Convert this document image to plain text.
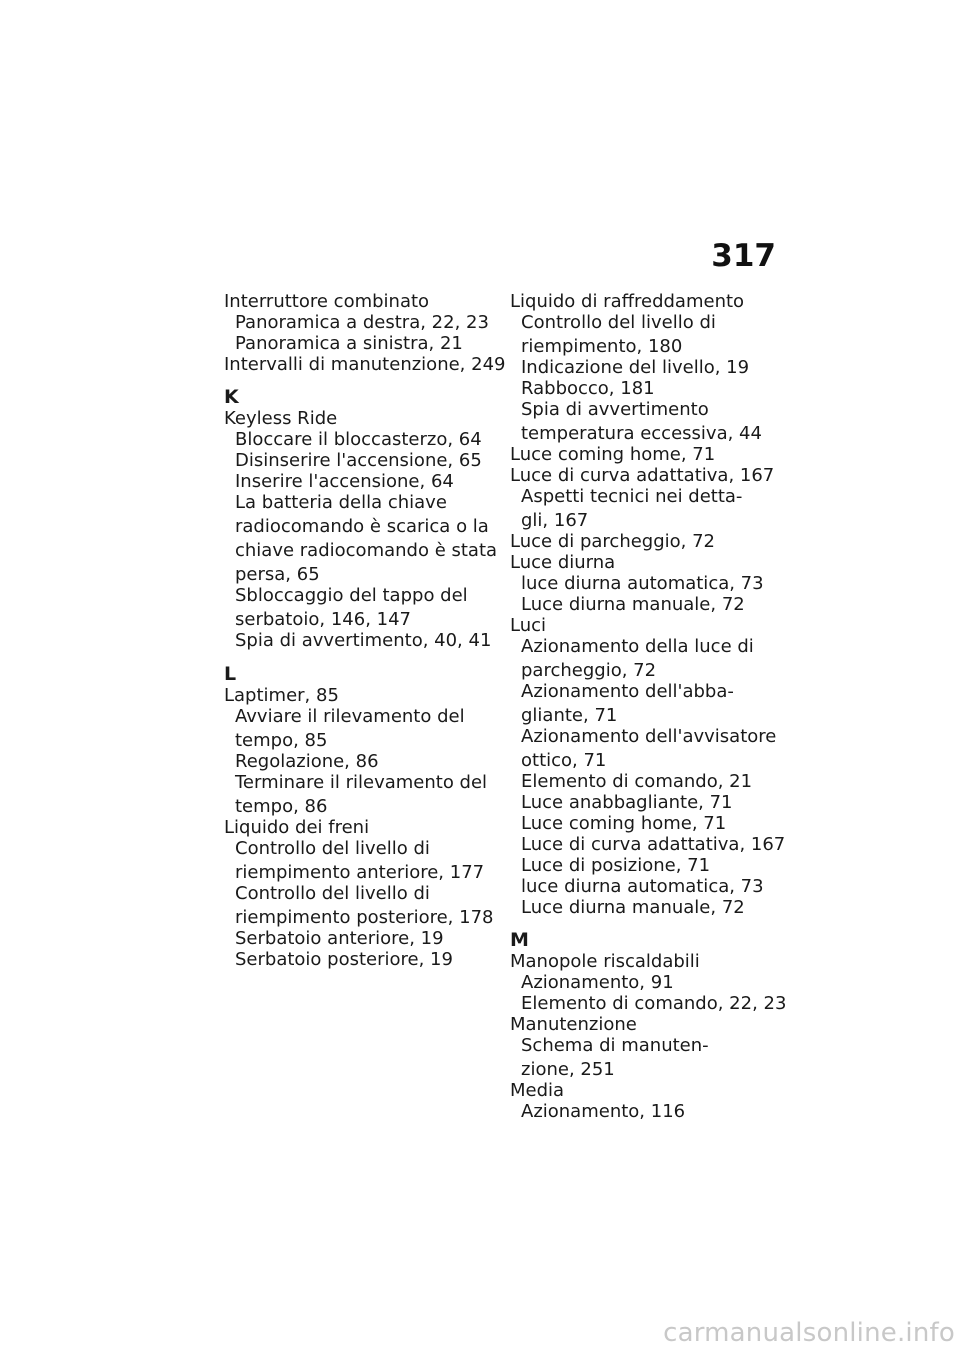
317
Interruttore combinato
Panoramica a destra, 22, 23
Panoramica a sinistra, 21
Intervalli di manutenzione, 249
K
Keyless Ride
Bloccare il bloccasterzo, 64
Disinserire l'accensione, 65
Inserire l'accensione, 64
La batteria della chiave
radiocomando è scarica o la
chiave radiocomando è stata
persa, 65
Sbloccaggio del tappo del
serbatoio, 146, 147
Spia di avvertimento, 40, 41
L
Laptimer, 85
Avviare il rilevamento del
tempo, 85
Regolazione, 86
Terminare il rilevamento del
tempo, 86
Liquido dei freni
Controllo del livello di
riempimento anteriore, 177
Controllo del livello di
riempimento posteriore, 178
Serbatoio anteriore, 19
Serbatoio posteriore, 19
Liquido di raffreddamento
Controllo del livello di
riempimento, 180
Indicazione del livello, 19
Rabbocco, 181
Spia di avvertimento
temperatura eccessiva, 44
Luce coming home, 71
Luce di curva adattativa, 167
Aspetti tecnici nei detta-
gli, 167
Luce di parcheggio, 72
Luce diurna
luce diurna automatica, 73
Luce diurna manuale, 72
Luci
Azionamento della luce di
parcheggio, 72
Azionamento dell'abba-
gliante, 71
Azionamento dell'avvisatore
ottico, 71
Elemento di comando, 21
Luce anabbagliante, 71
Luce coming home, 71
Luce di curva adattativa, 167
Luce di posizione, 71
luce diurna automatica, 73
Luce diurna manuale, 72
M
Manopole riscaldabili
Azionamento, 91
Elemento di comando, 22, 23
Manutenzione
Schema di manuten-
zione, 251
Media
Azionamento, 116
carmanualsonline.info
